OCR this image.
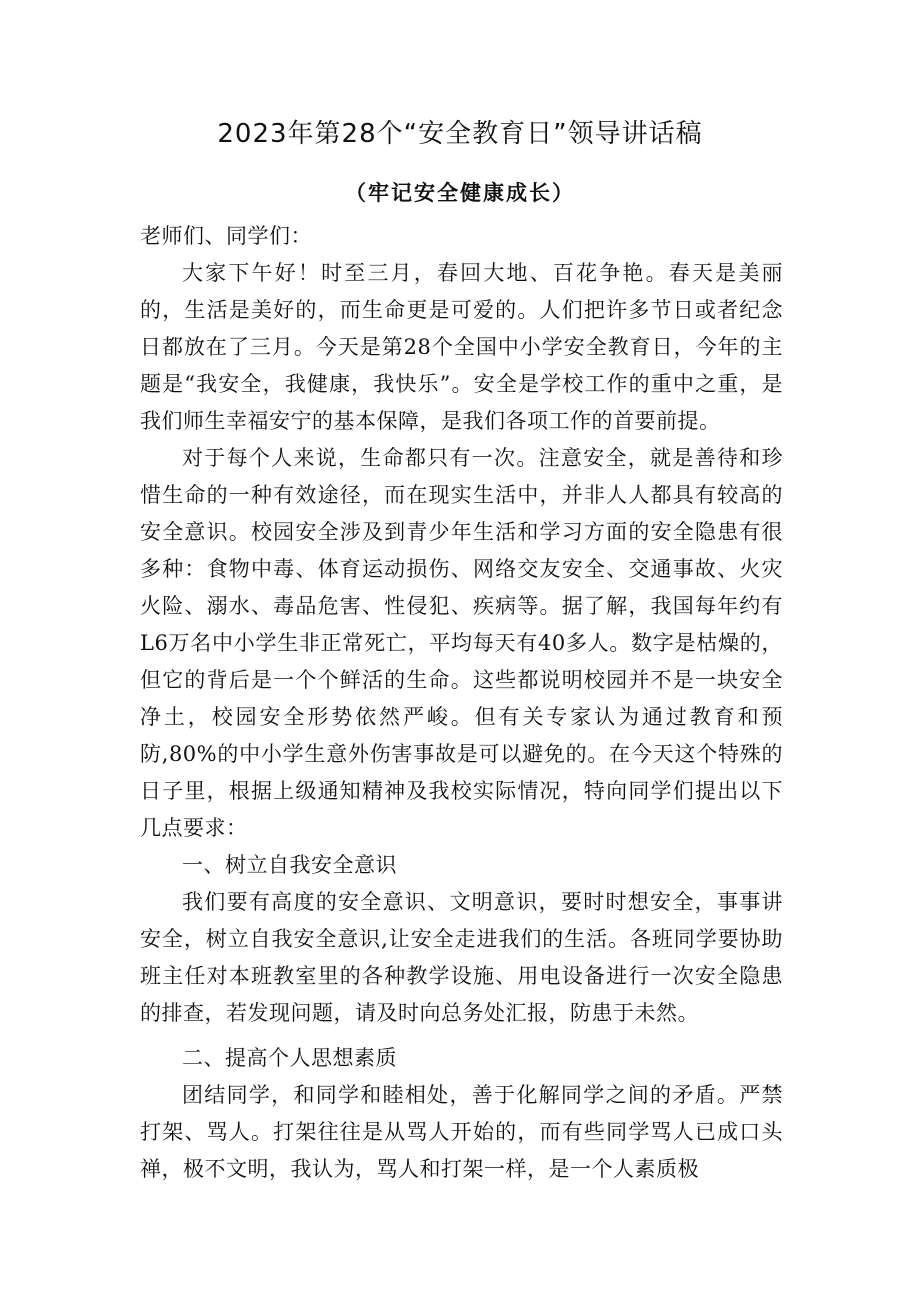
2023年第28个“安全教育日”领导讲话稿
（牢记安全健康成长）

老师们、同学们：

大家下午好！时至三月，春回大地、百花争艳。春天是美丽的，生活是美好的，而生命更是可爱的。人们把许多节日或者纪念日都放在了三月。今天是第28个全国中小学安全教育日，今年的主题是“我安全，我健康，我快乐”。安全是学校工作的重中之重，是我们师生幸福安宁的基本保障，是我们各项工作的首要前提。

对于每个人来说，生命都只有一次。注意安全，就是善待和珍惜生命的一种有效途径，而在现实生活中，并非人人都具有较高的安全意识。校园安全涉及到青少年生活和学习方面的安全隐患有很多种：食物中毒、体育运动损伤、网络交友安全、交通事故、火灾火险、溺水、毒品危害、性侵犯、疾病等。据了解，我国每年约有L6万名中小学生非正常死亡，平均每天有40多人。数字是枯燥的，但它的背后是一个个鲜活的生命。这些都说明校园并不是一块安全净土，校园安全形势依然严峻。但有关专家认为通过教育和预防,80%的中小学生意外伤害事故是可以避免的。在今天这个特殊的日子里，根据上级通知精神及我校实际情况，特向同学们提出以下几点要求：

一、树立自我安全意识

我们要有高度的安全意识、文明意识，要时时想安全，事事讲安全，树立自我安全意识,让安全走进我们的生活。各班同学要协助班主任对本班教室里的各种教学设施、用电设备进行一次安全隐患的排查，若发现问题，请及时向总务处汇报，防患于未然。

二、提高个人思想素质

团结同学，和同学和睦相处，善于化解同学之间的矛盾。严禁打架、骂人。打架往往是从骂人开始的，而有些同学骂人已成口头禅，极不文明，我认为，骂人和打架一样，是一个人素质极
